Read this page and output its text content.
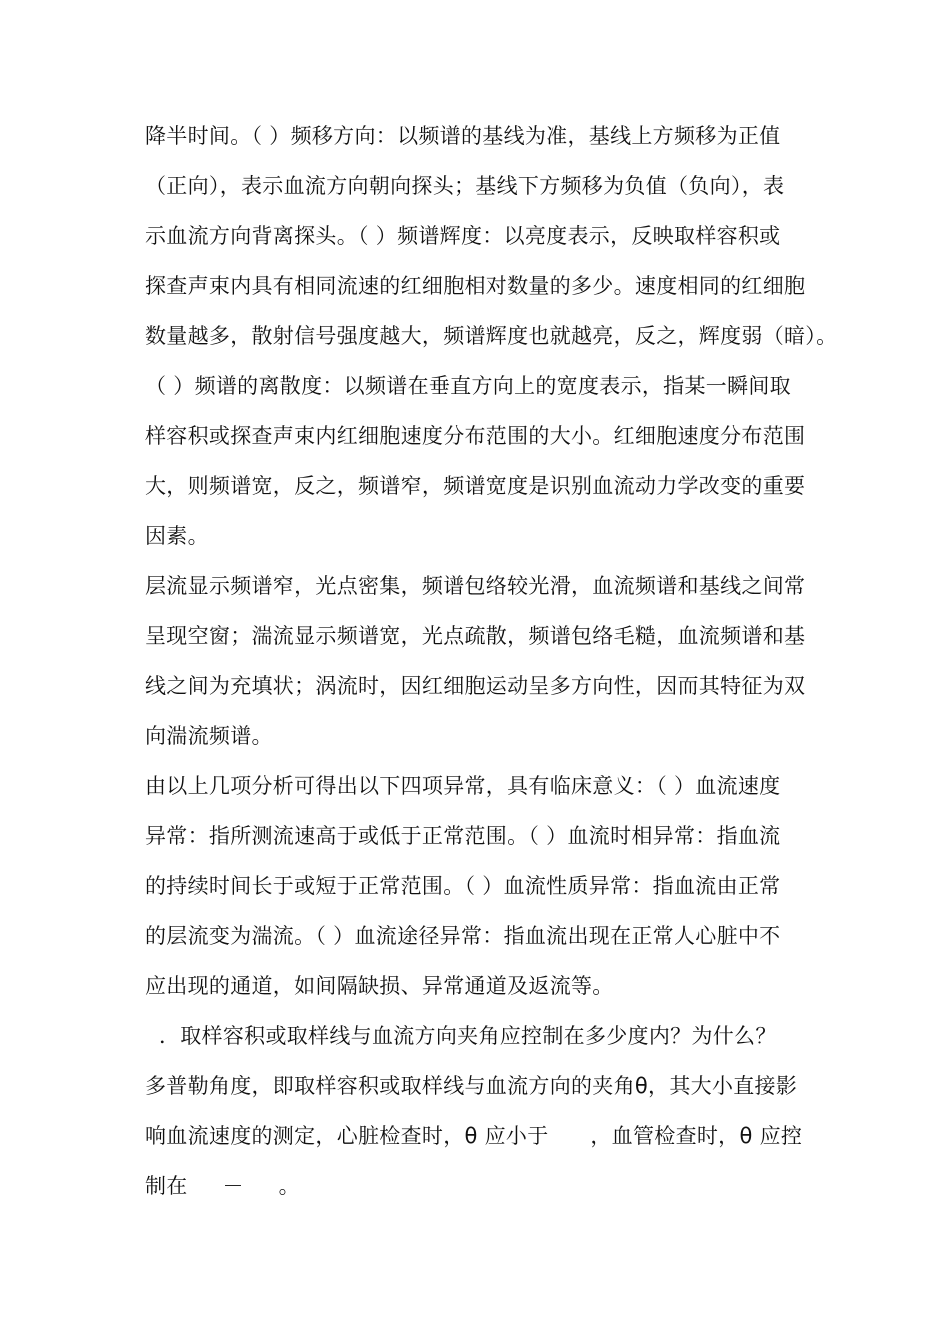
降半时间。（ ）频移方向：以频谱的基线为准，基线上方频移为正值
（正向），表示血流方向朝向探头；基线下方频移为负值（负向），表
示血流方向背离探头。（ ）频谱辉度：以亮度表示，反映取样容积或
探查声束内具有相同流速的红细胞相对数量的多少。速度相同的红细胞
数量越多，散射信号强度越大，频谱辉度也就越亮，反之，辉度弱（暗）。
（ ）频谱的离散度：以频谱在垂直方向上的宽度表示，指某一瞬间取
样容积或探查声束内红细胞速度分布范围的大小。红细胞速度分布范围
大，则频谱宽，反之，频谱窄，频谱宽度是识别血流动力学改变的重要
因素。
层流显示频谱窄，光点密集，频谱包络较光滑，血流频谱和基线之间常
呈现空窗；湍流显示频谱宽，光点疏散，频谱包络毛糙，血流频谱和基
线之间为充填状；涡流时，因红细胞运动呈多方向性，因而其特征为双
向湍流频谱。
由以上几项分析可得出以下四项异常，具有临床意义：（ ）血流速度
异常：指所测流速高于或低于正常范围。（ ）血流时相异常：指血流
的持续时间长于或短于正常范围。（ ）血流性质异常：指血流由正常
的层流变为湍流。（ ）血流途径异常：指血流出现在正常人心脏中不
应出现的通道，如间隔缺损、异常通道及返流等。
．取样容积或取样线与血流方向夹角应控制在多少度内？为什么？
多普勒角度，即取样容积或取样线与血流方向的夹角θ，其大小直接影
响血流速度的测定，心脏检查时，θ 应小于      ，血管检查时，θ 应控
制在     －     。
